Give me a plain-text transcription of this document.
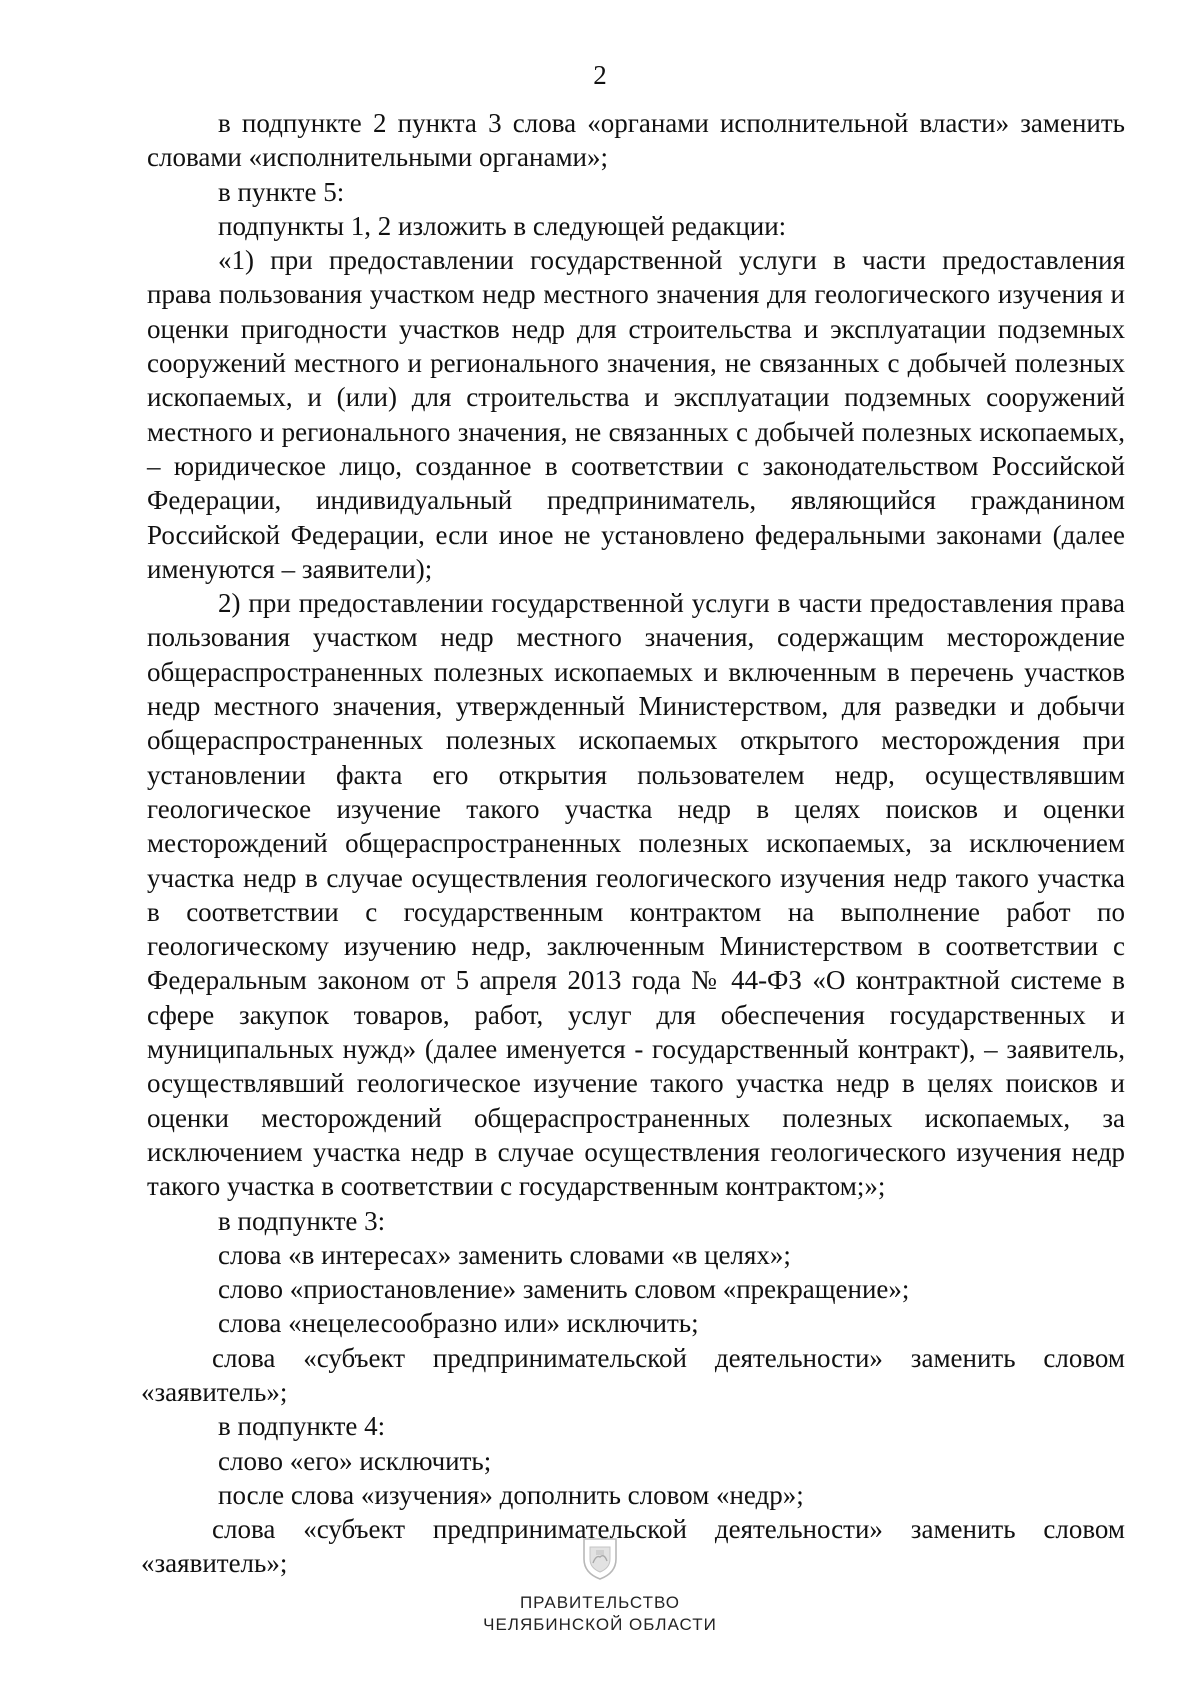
2

в подпункте 2 пункта 3 слова «органами исполнительной власти» заменить словами «исполнительными органами»;

в пункте 5:

подпункты 1, 2 изложить в следующей редакции:

«1) при предоставлении государственной услуги в части предоставления права пользования участком недр местного значения для геологического изучения и оценки пригодности участков недр для строительства и эксплуатации подземных сооружений местного и регионального значения, не связанных с добычей полезных ископаемых, и (или) для строительства и эксплуатации подземных сооружений местного и регионального значения, не связанных с добычей полезных ископаемых, – юридическое лицо, созданное в соответствии с законодательством Российской Федерации, индивидуальный предприниматель, являющийся гражданином Российской Федерации, если иное не установлено федеральными законами (далее именуются – заявители);

2) при предоставлении государственной услуги в части предоставления права пользования участком недр местного значения, содержащим месторождение общераспространенных полезных ископаемых и включенным в перечень участков недр местного значения, утвержденный Министерством, для разведки и добычи общераспространенных полезных ископаемых открытого месторождения при установлении факта его открытия пользователем недр, осуществлявшим геологическое изучение такого участка недр в целях поисков и оценки месторождений общераспространенных полезных ископаемых, за исключением участка недр в случае осуществления геологического изучения недр такого участка в соответствии с государственным контрактом на выполнение работ по геологическому изучению недр, заключенным Министерством в соответствии с Федеральным законом от 5 апреля 2013 года № 44-ФЗ «О контрактной системе в сфере закупок товаров, работ, услуг для обеспечения государственных и муниципальных нужд» (далее именуется - государственный контракт), – заявитель, осуществлявший геологическое изучение такого участка недр в целях поисков и оценки месторождений общераспространенных полезных ископаемых, за исключением участка недр в случае осуществления геологического изучения недр такого участка в соответствии с государственным контрактом;»;

в подпункте 3:

слова «в интересах» заменить словами «в целях»;

слово «приостановление» заменить словом «прекращение»;

слова «нецелесообразно или» исключить;

слова «субъект предпринимательской деятельности» заменить словом «заявитель»;

в подпункте 4:

слово «его» исключить;

после слова «изучения» дополнить словом «недр»;

слова «субъект предпринимательской деятельности» заменить словом «заявитель»;

ПРАВИТЕЛЬСТВО
ЧЕЛЯБИНСКОЙ ОБЛАСТИ
